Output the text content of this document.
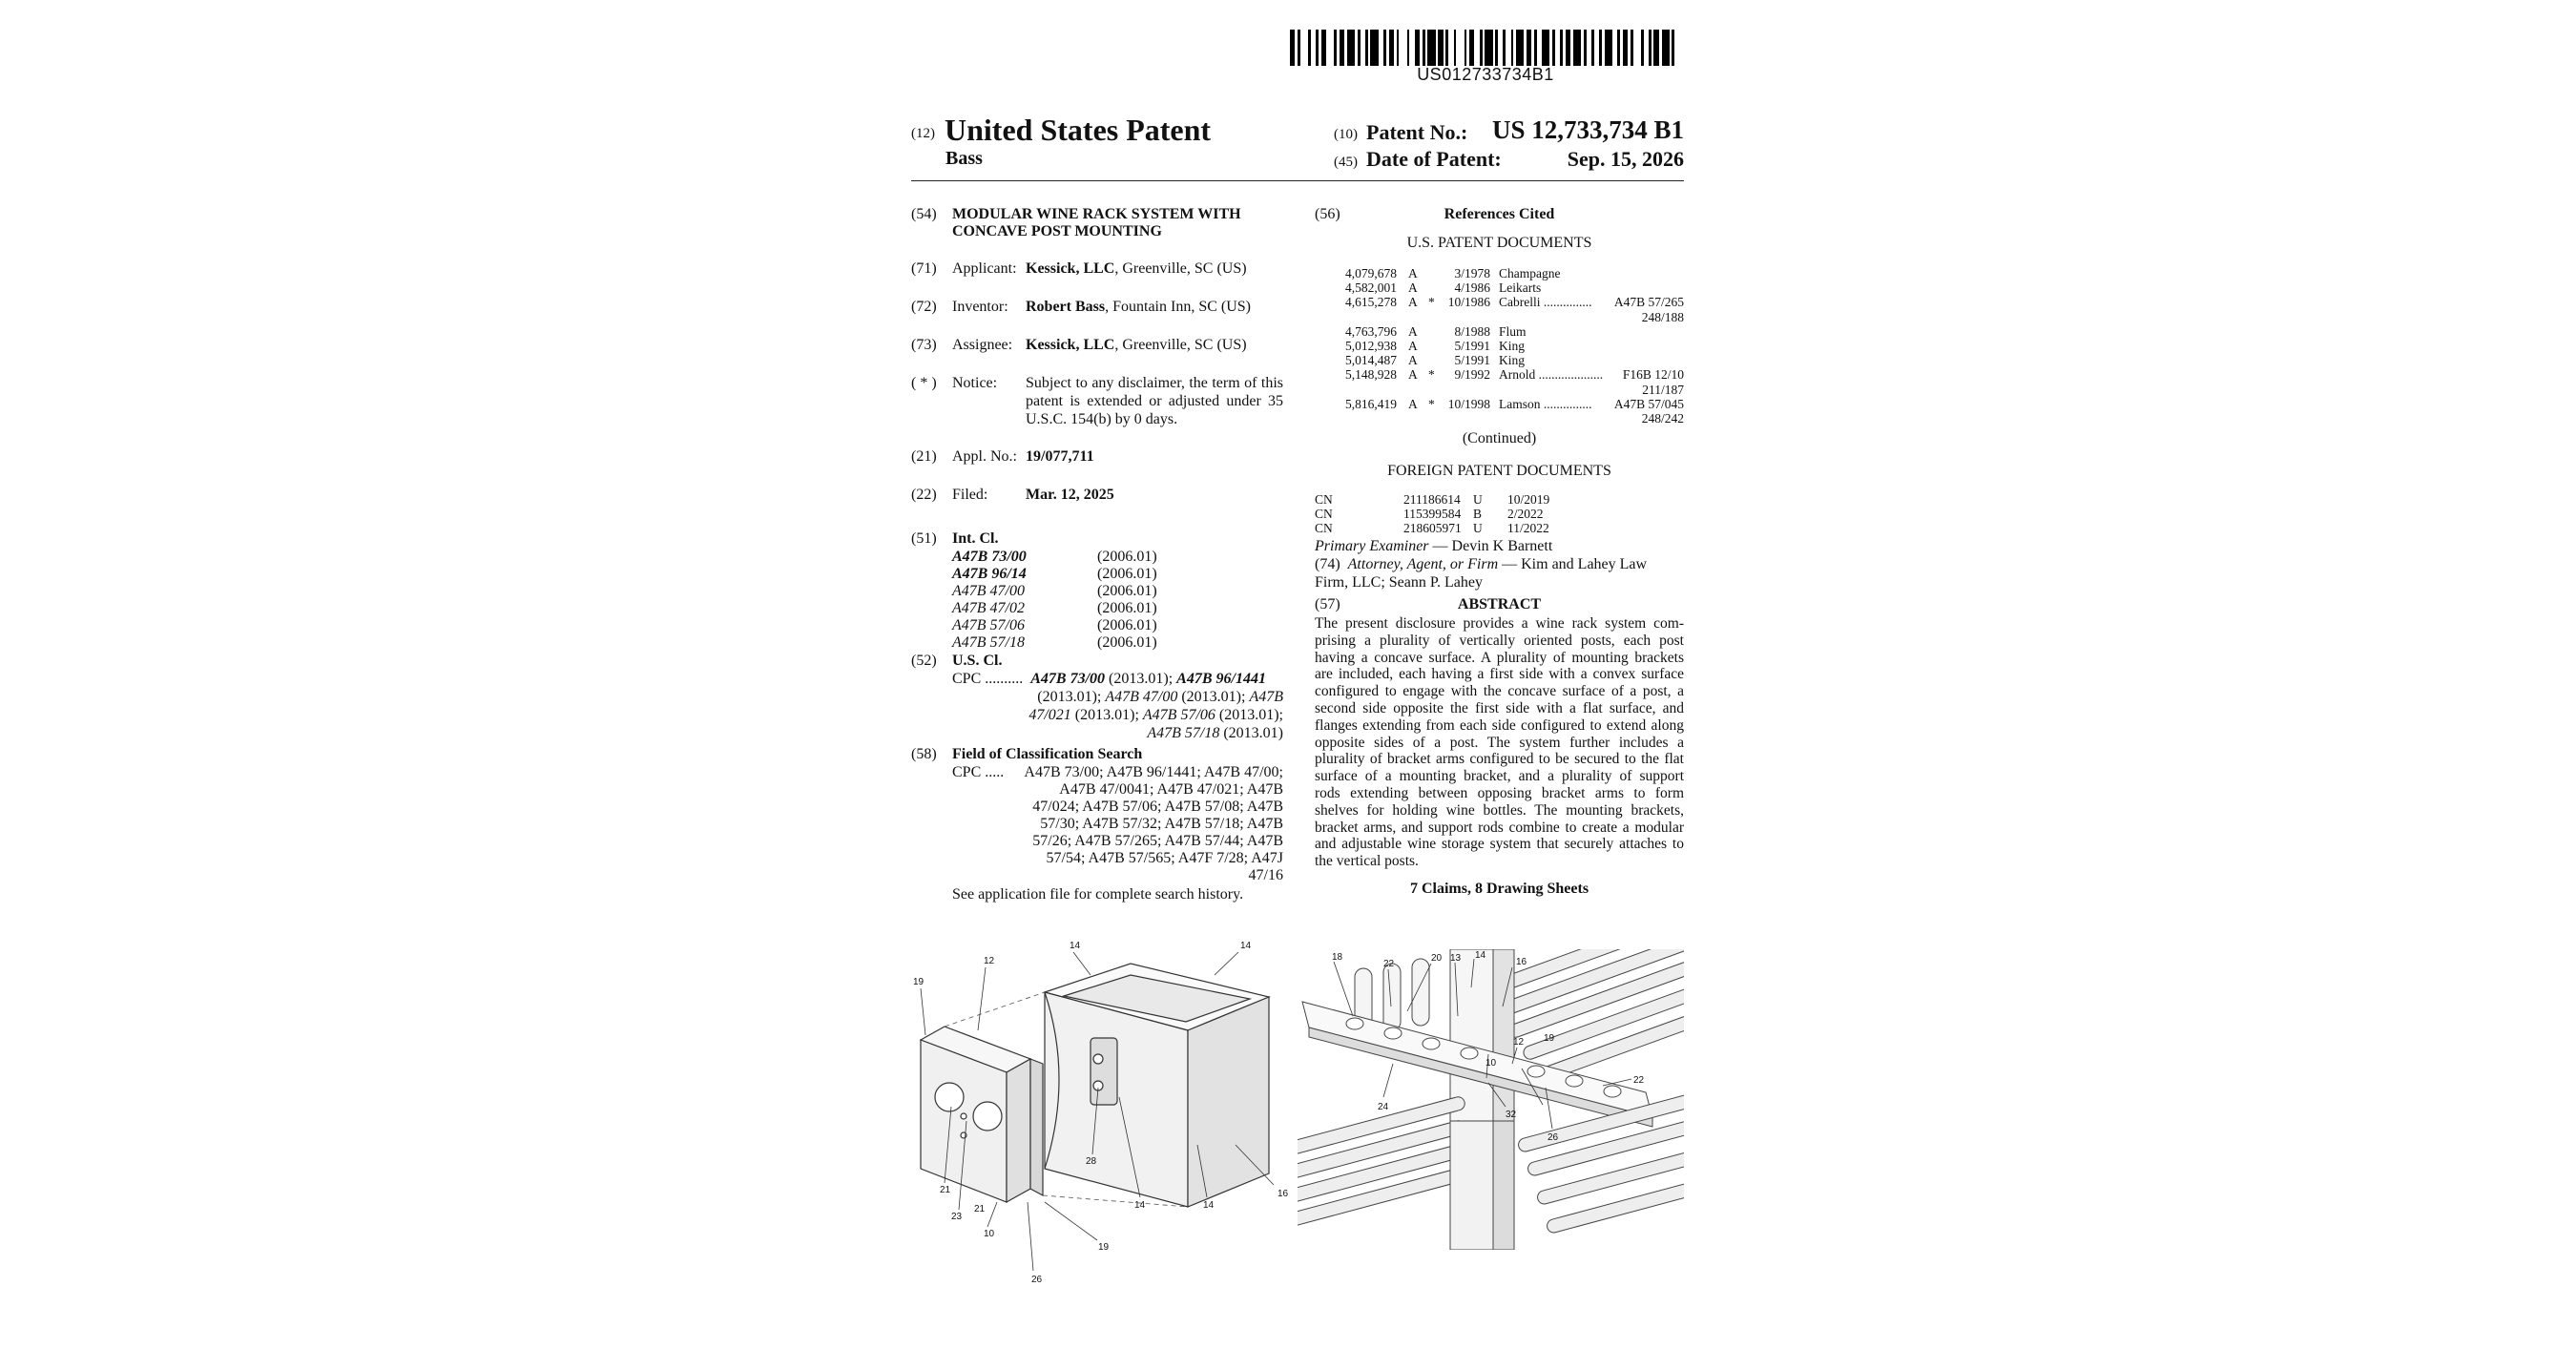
US012733734B1
(12) United States Patent
Bass
(10) Patent No.: US 12,733,734 B1
(45) Date of Patent:	Sep. 15, 2026
(54) MODULAR WINE RACK SYSTEM WITH
CONCAVE POST MOUNTING
(71) Applicant: Kessick, LLC, Greenville, SC (US)
(72) Inventor: Robert Bass, Fountain Inn, SC (US)
(73) Assignee: Kessick, LLC, Greenville, SC (US)
( * ) Notice: Subject to any disclaimer, the term of this
patent is extended or adjusted under 35
U.S.C. 154(b) by 0 days.
(21) Appl. No.: 19/077,711
(22) Filed: Mar. 12, 2025
(51) Int. Cl.
A47B 73/00	(2006.01)
A47B 96/14	(2006.01)
A47B 47/00	(2006.01)
A47B 47/02	(2006.01)
A47B 57/06	(2006.01)
A47B 57/18	(2006.01)
(52) U.S. Cl.
CPC .......... A47B 73/00 (2013.01); A47B 96/1441
(2013.01); A47B 47/00 (2013.01); A47B
47/021 (2013.01); A47B 57/06 (2013.01);
A47B 57/18 (2013.01)
(58) Field of Classification Search
CPC ..... A47B 73/00; A47B 96/1441; A47B 47/00;
A47B 47/0041; A47B 47/021; A47B
47/024; A47B 57/06; A47B 57/08; A47B
57/30; A47B 57/32; A47B 57/18; A47B
57/26; A47B 57/265; A47B 57/44; A47B
57/54; A47B 57/565; A47F 7/28; A47J
47/16
See application file for complete search history.
(56)	References Cited
U.S. PATENT DOCUMENTS
4,079,678 A	3/1978 Champagne
4,582,001 A	4/1986 Leikarts
4,615,278 A * 10/1986 Cabrelli ............... A47B 57/265
248/188
4,763,796 A	8/1988 Flum
5,012,938 A	5/1991 King
5,014,487 A	5/1991 King
5,148,928 A * 9/1992 Arnold .................... F16B 12/10
211/187
5,816,419 A * 10/1998 Lamson ............... A47B 57/045
248/242
(Continued)
FOREIGN PATENT DOCUMENTS
CN	211186614 U 10/2019
CN	115399584 B 2/2022
CN	218605971 U 11/2022
Primary Examiner — Devin K Barnett
(74) Attorney, Agent, or Firm — Kim and Lahey Law
Firm, LLC; Seann P. Lahey
(57)	ABSTRACT
The present disclosure provides a wine rack system com-
prising a plurality of vertically oriented posts, each post
having a concave surface. A plurality of mounting brackets
are included, each having a first side with a convex surface
configured to engage with the concave surface of a post, a
second side opposite the first side with a flat surface, and
flanges extending from each side configured to extend along
opposite sides of a post. The system further includes a
plurality of bracket arms configured to be secured to the flat
surface of a mounting bracket, and a plurality of support
rods extending between opposing bracket arms to form
shelves for holding wine bottles. The mounting brackets,
bracket arms, and support rods combine to create a modular
and adjustable wine storage system that securely attaches to
the vertical posts.
7 Claims, 8 Drawing Sheets
14	14
12
19
21
23
21
10
26
19
28
14	14
16
18
22
20 13 14
16
10
12 19
22
24
32
26
